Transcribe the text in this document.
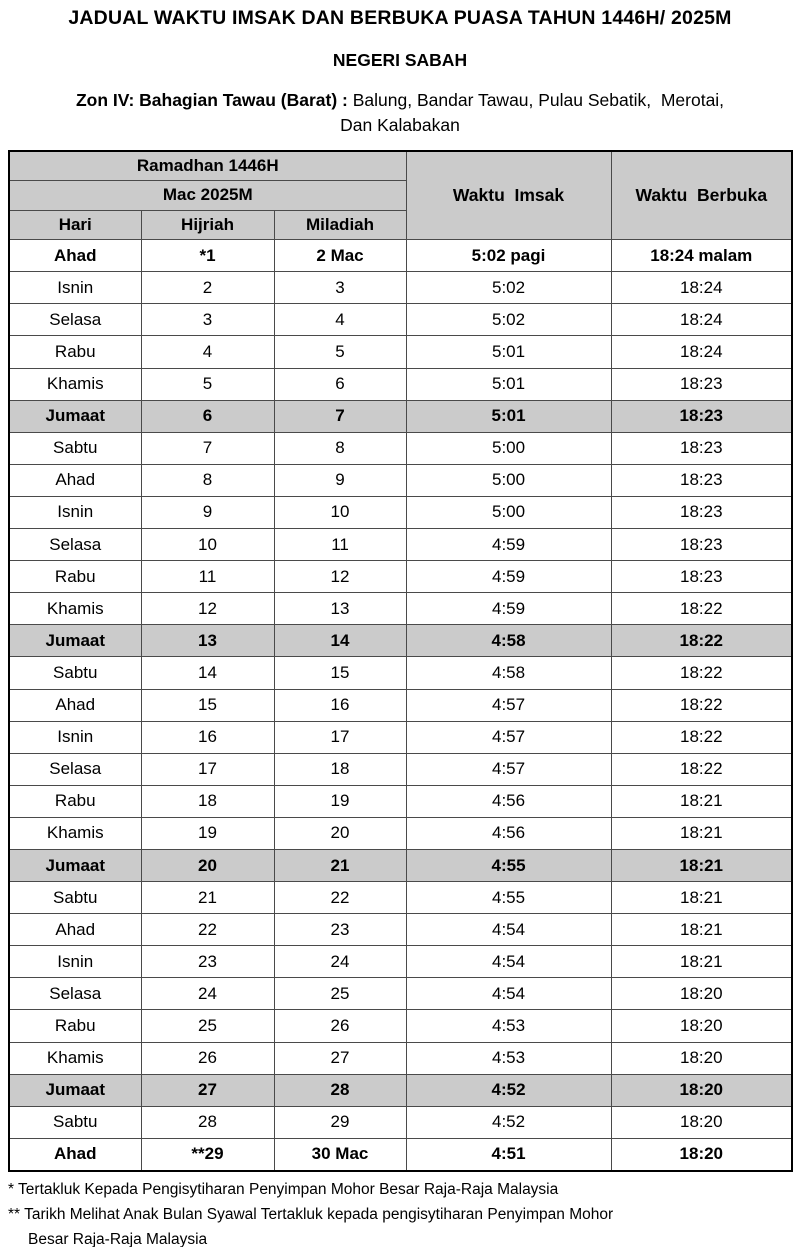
JADUAL WAKTU IMSAK DAN BERBUKA PUASA TAHUN 1446H/ 2025M
NEGERI SABAH
Zon IV: Bahagian Tawau (Barat) : Balung, Bandar Tawau, Pulau Sebatik,  Merotai,
Dan Kalabakan
Ramadhan 1446H			Waktu  Imsak	Waktu  Berbuka
Mac 2025M				
Hari	Hijriah	Miladiah		
Ahad	*1	2 Mac	5:02 pagi	18:24 malam
Isnin	2	3	5:02	18:24
Selasa	3	4	5:02	18:24
Rabu	4	5	5:01	18:24
Khamis	5	6	5:01	18:23
Jumaat	6	7	5:01	18:23
Sabtu	7	8	5:00	18:23
Ahad	8	9	5:00	18:23
Isnin	9	10	5:00	18:23
Selasa	10	11	4:59	18:23
Rabu	11	12	4:59	18:23
Khamis	12	13	4:59	18:22
Jumaat	13	14	4:58	18:22
Sabtu	14	15	4:58	18:22
Ahad	15	16	4:57	18:22
Isnin	16	17	4:57	18:22
Selasa	17	18	4:57	18:22
Rabu	18	19	4:56	18:21
Khamis	19	20	4:56	18:21
Jumaat	20	21	4:55	18:21
Sabtu	21	22	4:55	18:21
Ahad	22	23	4:54	18:21
Isnin	23	24	4:54	18:21
Selasa	24	25	4:54	18:20
Rabu	25	26	4:53	18:20
Khamis	26	27	4:53	18:20
Jumaat	27	28	4:52	18:20
Sabtu	28	29	4:52	18:20
Ahad	**29	30 Mac	4:51	18:20
* Tertakluk Kepada Pengisytiharan Penyimpan Mohor Besar Raja-Raja Malaysia
** Tarikh Melihat Anak Bulan Syawal Tertakluk kepada pengisytiharan Penyimpan Mohor
Besar Raja-Raja Malaysia
